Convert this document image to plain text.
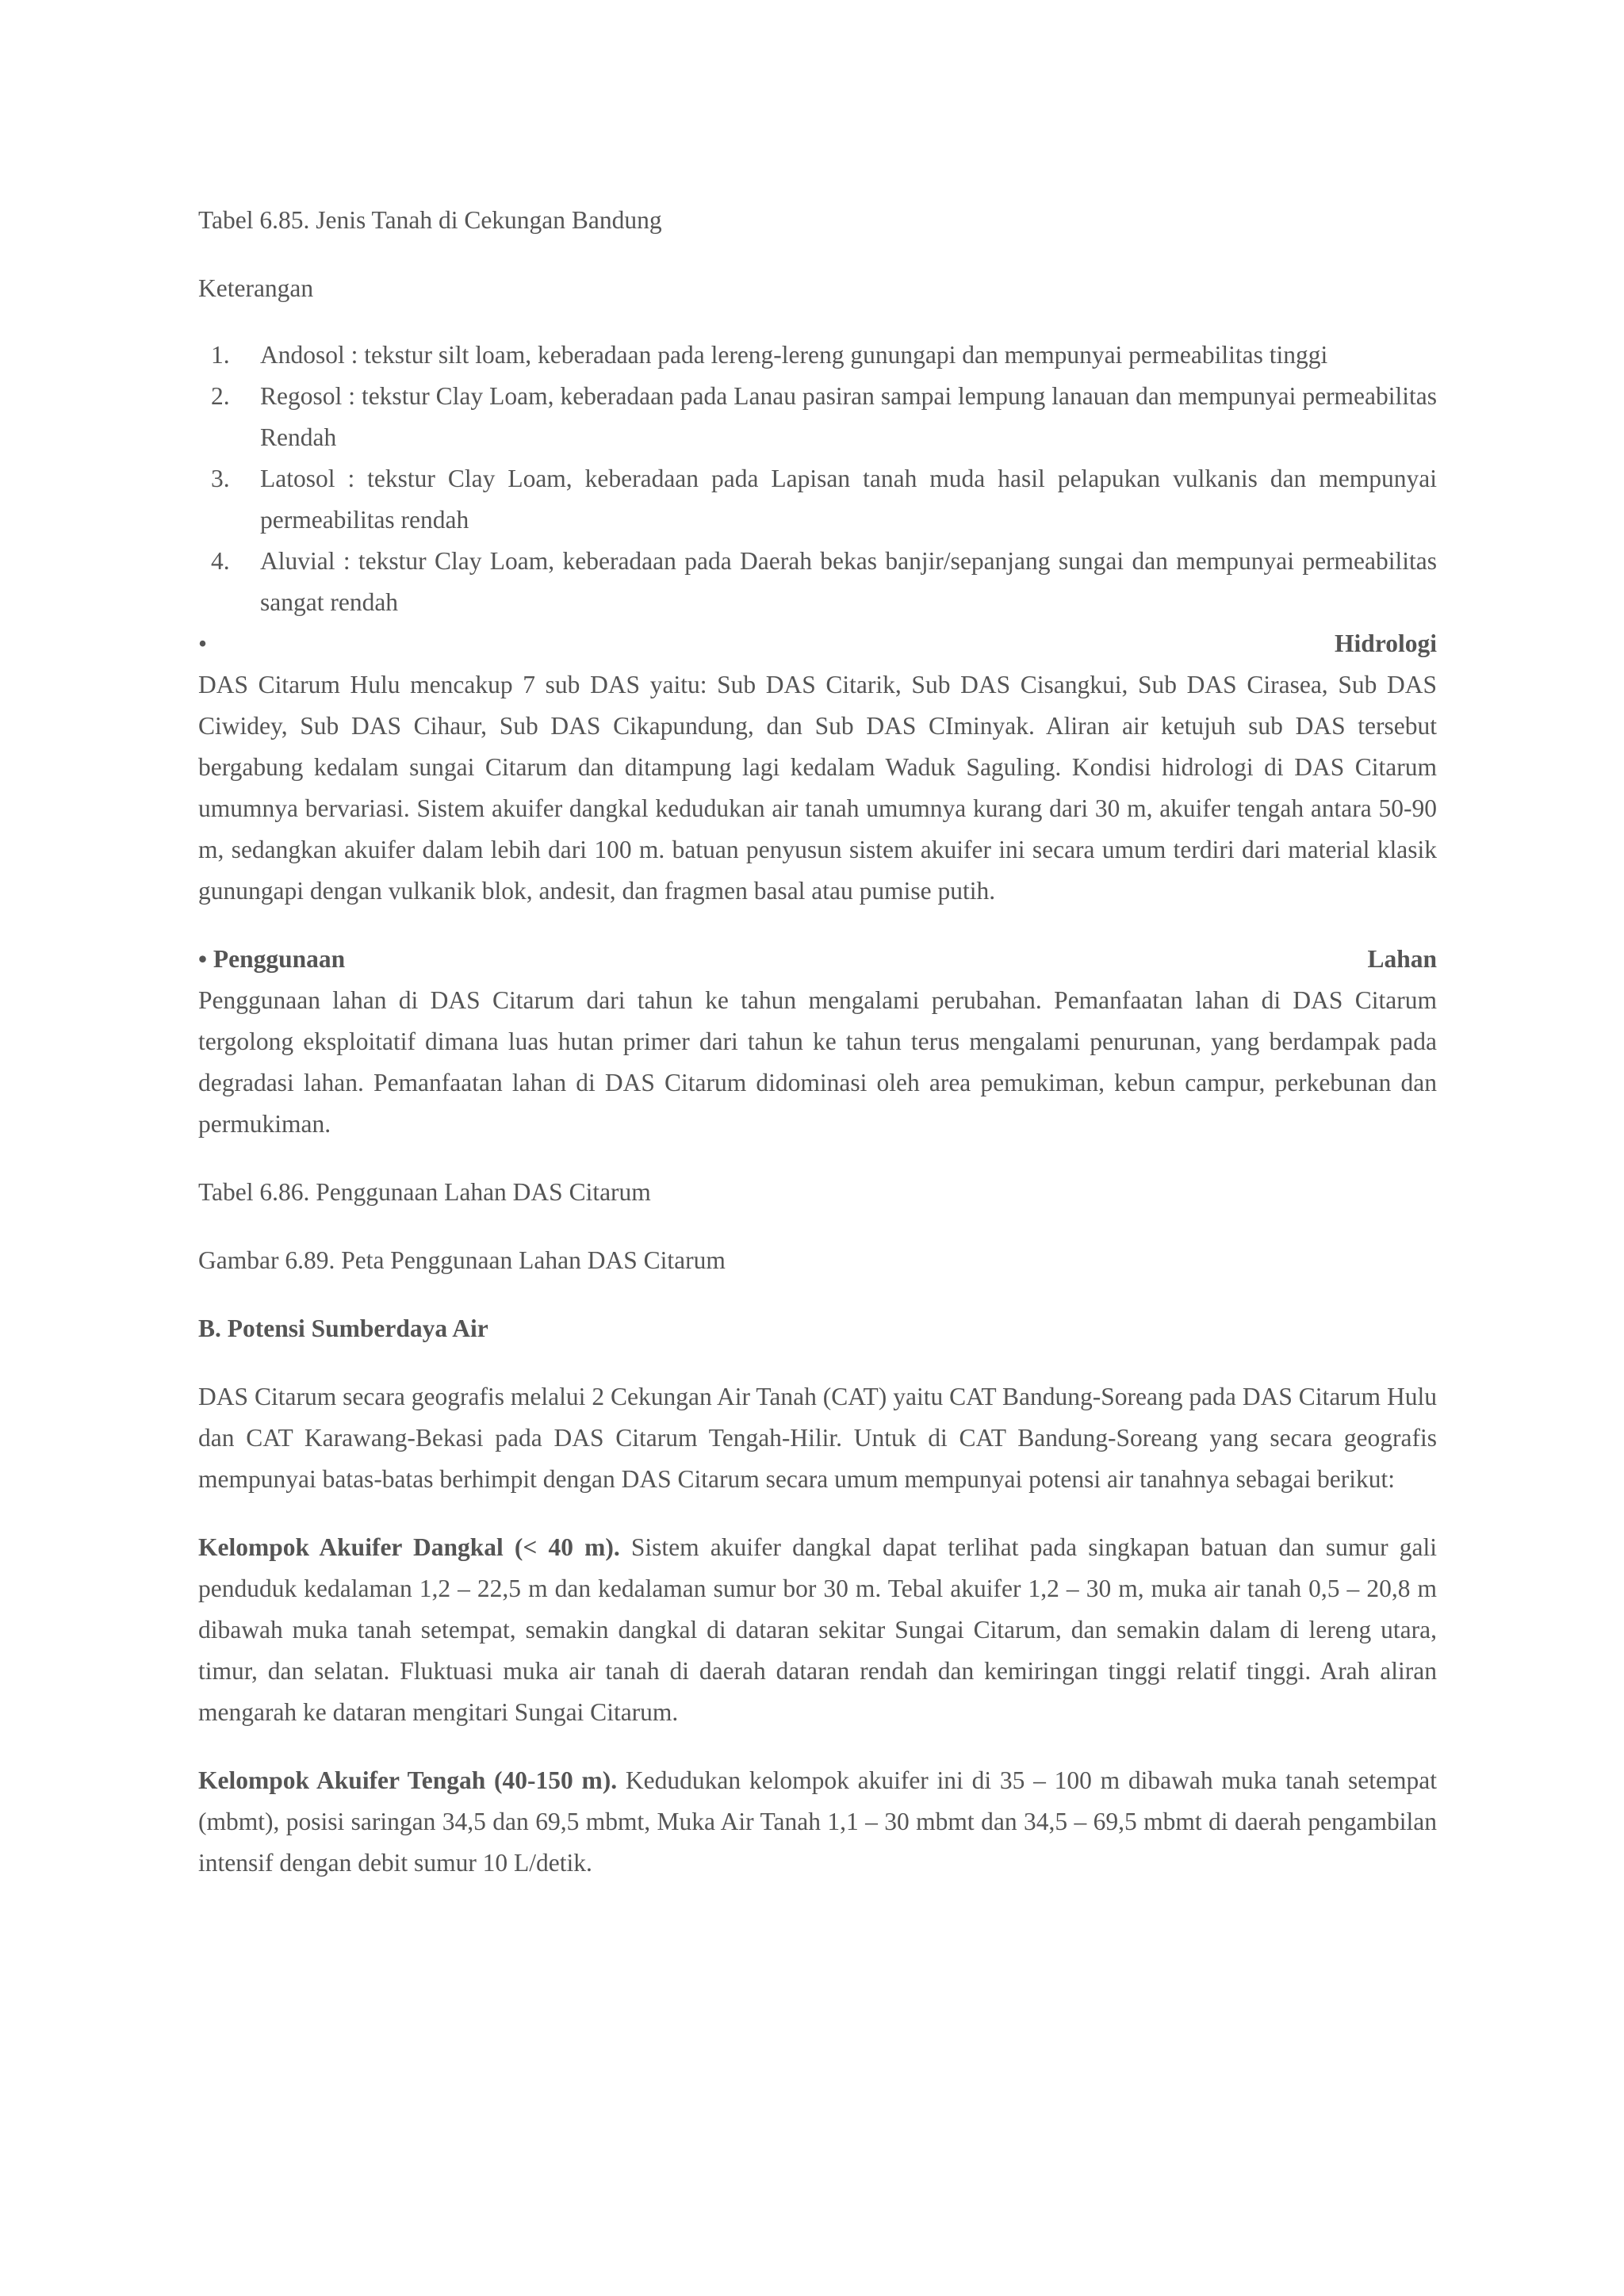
Tabel 6.85. Jenis Tanah di Cekungan Bandung

Keterangan

1. Andosol : tekstur silt loam, keberadaan pada lereng-lereng gunungapi dan mempunyai permeabilitas tinggi
2. Regosol : tekstur Clay Loam, keberadaan pada Lanau pasiran sampai lempung lanauan dan mempunyai permeabilitas Rendah
3. Latosol : tekstur Clay Loam, keberadaan pada Lapisan tanah muda hasil pelapukan vulkanis dan mempunyai permeabilitas rendah
4. Aluvial : tekstur Clay Loam, keberadaan pada Daerah bekas banjir/sepanjang sungai dan mempunyai permeabilitas sangat rendah
•	Hidrologi

DAS Citarum Hulu mencakup 7 sub DAS yaitu: Sub DAS Citarik, Sub DAS Cisangkui, Sub DAS Cirasea, Sub DAS Ciwidey, Sub DAS Cihaur, Sub DAS Cikapundung, dan Sub DAS CIminyak. Aliran air ketujuh sub DAS tersebut bergabung kedalam sungai Citarum dan ditampung lagi kedalam Waduk Saguling. Kondisi hidrologi di DAS Citarum umumnya bervariasi. Sistem akuifer dangkal kedudukan air tanah umumnya kurang dari 30 m, akuifer tengah antara 50-90 m, sedangkan akuifer dalam lebih dari 100 m. batuan penyusun sistem akuifer ini secara umum terdiri dari material klasik gunungapi dengan vulkanik blok, andesit, dan fragmen basal atau pumise putih.

• Penggunaan	Lahan

Penggunaan lahan di DAS Citarum dari tahun ke tahun mengalami perubahan. Pemanfaatan lahan di DAS Citarum tergolong eksploitatif dimana luas hutan primer dari tahun ke tahun terus mengalami penurunan, yang berdampak pada degradasi lahan. Pemanfaatan lahan di DAS Citarum didominasi oleh area pemukiman, kebun campur, perkebunan dan permukiman.

Tabel 6.86. Penggunaan Lahan DAS Citarum

Gambar 6.89. Peta Penggunaan Lahan DAS Citarum

B. Potensi Sumberdaya Air

DAS Citarum secara geografis melalui 2 Cekungan Air Tanah (CAT) yaitu CAT Bandung-Soreang pada DAS Citarum Hulu dan CAT Karawang-Bekasi pada DAS Citarum Tengah-Hilir. Untuk di CAT Bandung-Soreang yang secara geografis mempunyai batas-batas berhimpit dengan DAS Citarum secara umum mempunyai potensi air tanahnya sebagai berikut:

Kelompok Akuifer Dangkal (< 40 m). Sistem akuifer dangkal dapat terlihat pada singkapan batuan dan sumur gali penduduk kedalaman 1,2 – 22,5 m dan kedalaman sumur bor 30 m. Tebal akuifer 1,2 – 30 m, muka air tanah 0,5 – 20,8 m dibawah muka tanah setempat, semakin dangkal di dataran sekitar Sungai Citarum, dan semakin dalam di lereng utara, timur, dan selatan. Fluktuasi muka air tanah di daerah dataran rendah dan kemiringan tinggi relatif tinggi. Arah aliran mengarah ke dataran mengitari Sungai Citarum.

Kelompok Akuifer Tengah (40-150 m). Kedudukan kelompok akuifer ini di 35 – 100 m dibawah muka tanah setempat (mbmt), posisi saringan 34,5 dan 69,5 mbmt, Muka Air Tanah 1,1 – 30 mbmt dan 34,5 – 69,5 mbmt di daerah pengambilan intensif dengan debit sumur 10 L/detik.
